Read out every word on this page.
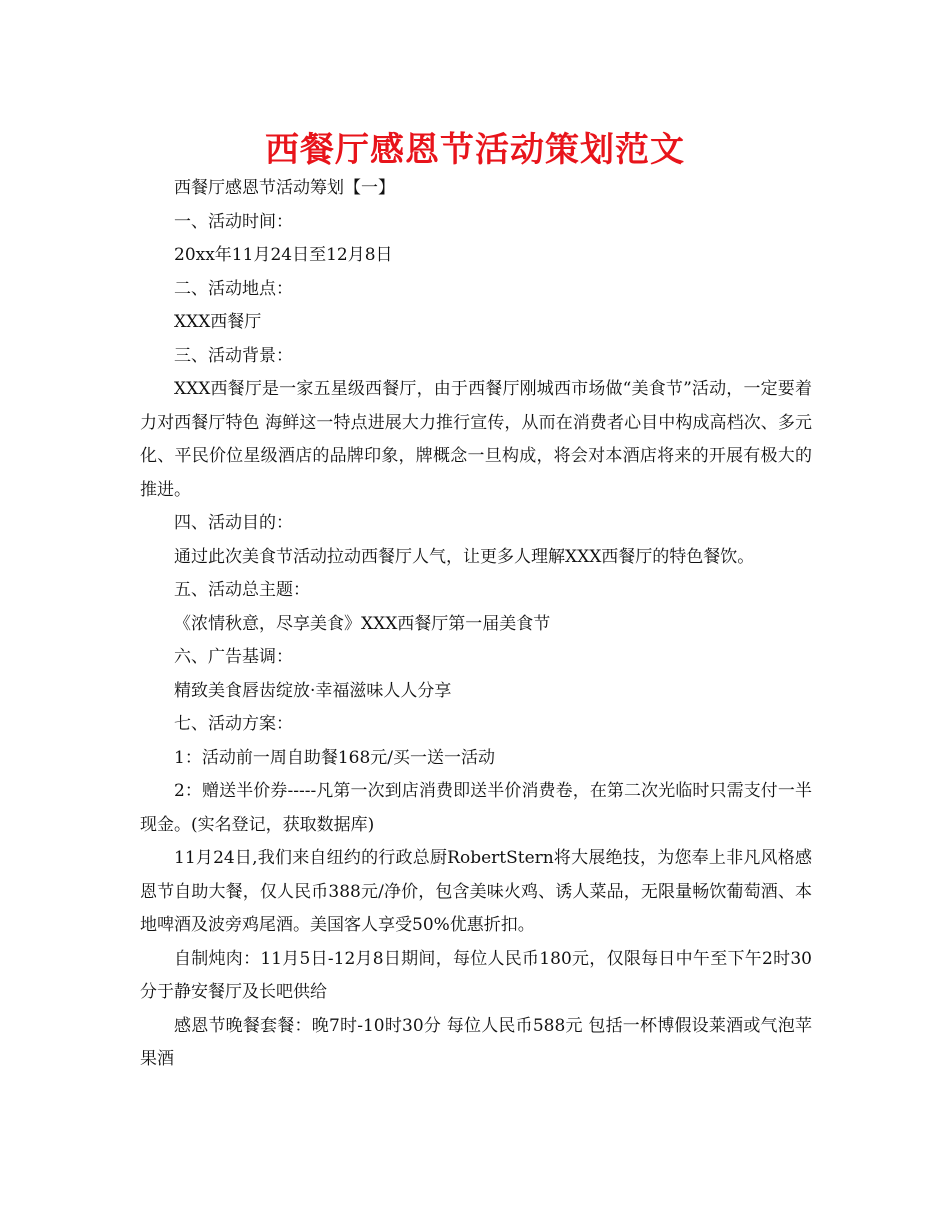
西餐厅感恩节活动策划范文

西餐厅感恩节活动筹划【一】

一、活动时间：

20xx年11月24日至12月8日

二、活动地点：

XXX西餐厅

三、活动背景：

XXX西餐厅是一家五星级西餐厅，由于西餐厅刚城西市场做“美食节”活动，一定要着力对西餐厅特色 海鲜这一特点进展大力推行宣传，从而在消费者心目中构成高档次、多元化、平民价位星级酒店的品牌印象，牌概念一旦构成，将会对本酒店将来的开展有极大的推进。

四、活动目的：

通过此次美食节活动拉动西餐厅人气，让更多人理解XXX西餐厅的特色餐饮。

五、活动总主题：

《浓情秋意，尽享美食》XXX西餐厅第一届美食节

六、广告基调：

精致美食唇齿绽放·幸福滋味人人分享

七、活动方案：

1：活动前一周自助餐168元/买一送一活动

2：赠送半价券-----凡第一次到店消费即送半价消费卷，在第二次光临时只需支付一半现金。(实名登记，获取数据库)

11月24日,我们来自纽约的行政总厨RobertStern将大展绝技，为您奉上非凡风格感恩节自助大餐，仅人民币388元/净价，包含美味火鸡、诱人菜品，无限量畅饮葡萄酒、本地啤酒及波旁鸡尾酒。美国客人享受50%优惠折扣。

自制炖肉：11月5日-12月8日期间，每位人民币180元，仅限每日中午至下午2时30分于静安餐厅及长吧供给

感恩节晚餐套餐：晚7时-10时30分 每位人民币588元 包括一杯博假设莱酒或气泡苹果酒
